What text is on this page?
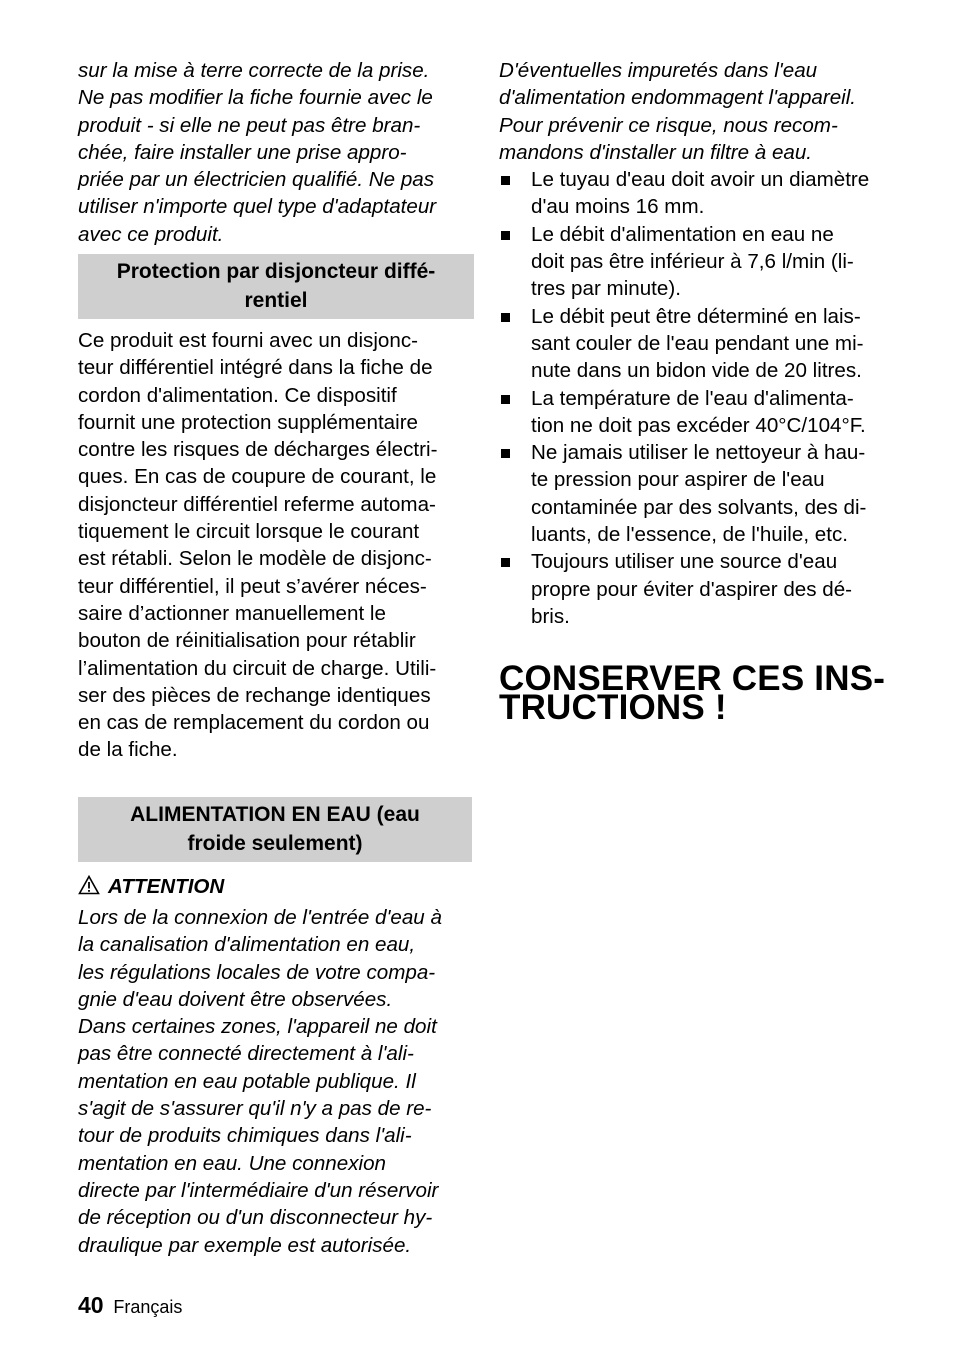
sur la mise à terre correcte de la prise.
Ne pas modifier la fiche fournie avec le
produit - si elle ne peut pas être bran-
chée, faire installer une prise appro-
priée par un électricien qualifié. Ne pas
utiliser n'importe quel type d'adaptateur
avec ce produit.

Protection par disjoncteur diffé-
rentiel

Ce produit est fourni avec un disjonc-
teur différentiel intégré dans la fiche de
cordon d'alimentation. Ce dispositif
fournit une protection supplémentaire
contre les risques de décharges électri-
ques. En cas de coupure de courant, le
disjoncteur différentiel referme automa-
tiquement le circuit lorsque le courant
est rétabli. Selon le modèle de disjonc-
teur différentiel, il peut s’avérer néces-
saire d’actionner manuellement le
bouton de réinitialisation pour rétablir
l’alimentation du circuit de charge. Utili-
ser des pièces de rechange identiques
en cas de remplacement du cordon ou
de la fiche.

ALIMENTATION EN EAU (eau
froide seulement)
ATTENTION

Lors de la connexion de l'entrée d'eau à
la canalisation d'alimentation en eau,
les régulations locales de votre compa-
gnie d'eau doivent être observées.
Dans certaines zones, l'appareil ne doit
pas être connecté directement à l'ali-
mentation en eau potable publique. Il
s'agit de s'assurer qu'il n'y a pas de re-
tour de produits chimiques dans l'ali-
mentation en eau. Une connexion
directe par l'intermédiaire d'un réservoir
de réception ou d'un disconnecteur hy-
draulique par exemple est autorisée.

D'éventuelles impuretés dans l'eau
d'alimentation endommagent l'appareil.
Pour prévenir ce risque, nous recom-
mandons d'installer un filtre à eau.

Le tuyau d'eau doit avoir un diamètre
d'au moins 16 mm.
Le débit d'alimentation en eau ne
doit pas être inférieur à 7,6 l/min (li-
tres par minute).
Le débit peut être déterminé en lais-
sant couler de l'eau pendant une mi-
nute dans un bidon vide de 20 litres.
La température de l'eau d'alimenta-
tion ne doit pas excéder 40°C/104°F.
Ne jamais utiliser le nettoyeur à hau-
te pression pour aspirer de l'eau
contaminée par des solvants, des di-
luants, de l'essence, de l'huile, etc.
Toujours utiliser une source d'eau
propre pour éviter d'aspirer des dé-
bris.
CONSERVER CES INS-
TRUCTIONS !
40 Français
